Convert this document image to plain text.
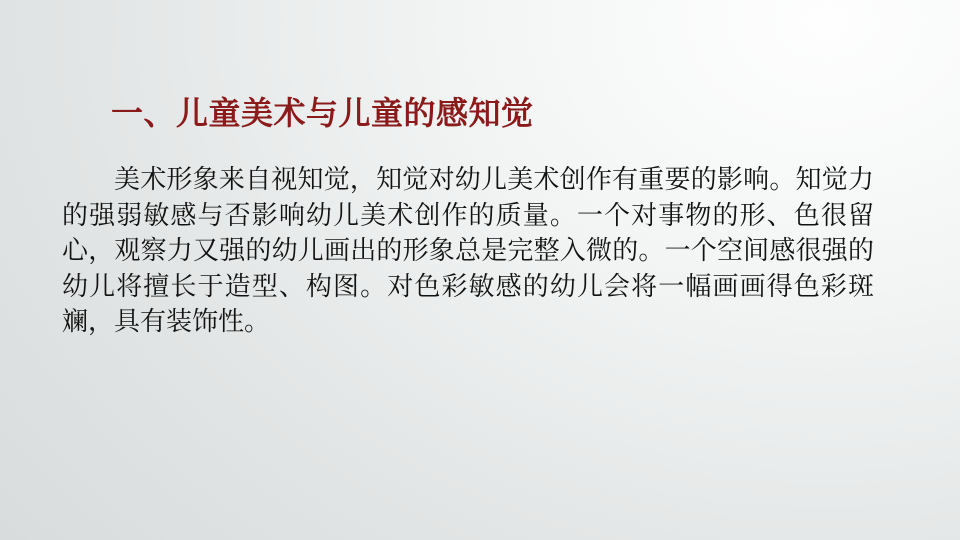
一、儿童美术与儿童的感知觉

美术形象来自视知觉，知觉对幼儿美术创作有重要的影响。知觉力的强弱敏感与否影响幼儿美术创作的质量。一个对事物的形、色很留心，观察力又强的幼儿画出的形象总是完整入微的。一个空间感很强的幼儿将擅长于造型、构图。对色彩敏感的幼儿会将一幅画画得色彩斑斓，具有装饰性。
